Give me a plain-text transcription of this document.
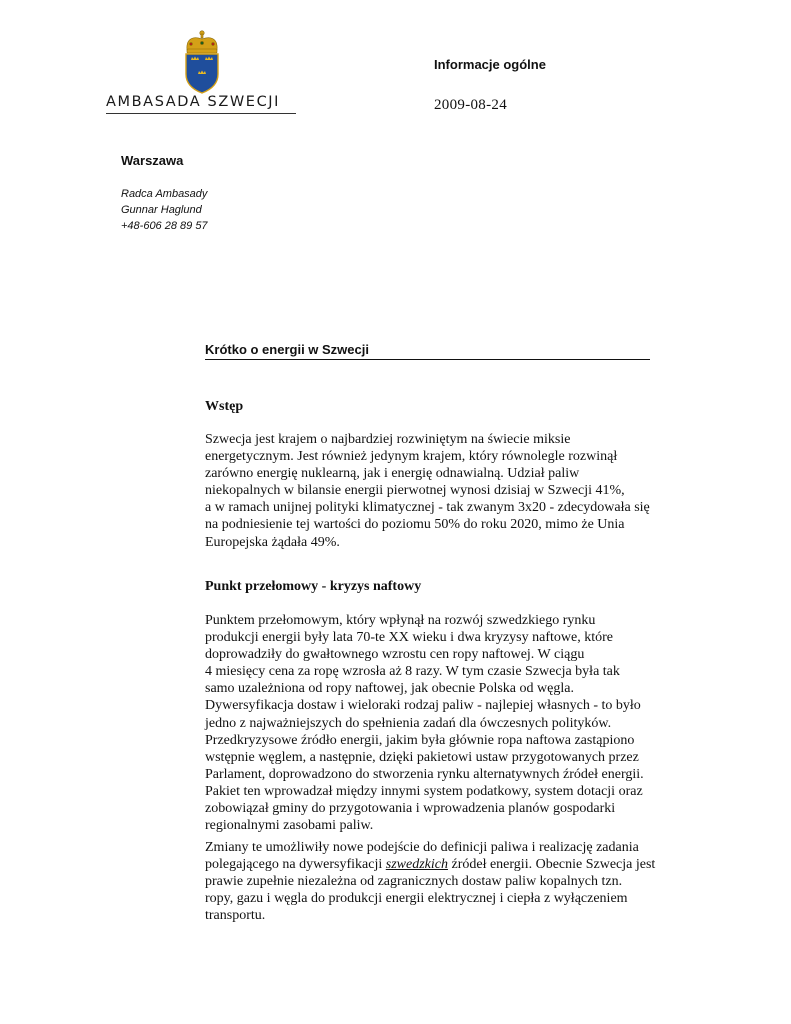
AMBASADA SZWECJI
Informacje ogólne
2009-08-24
Warszawa
Radca Ambasady
Gunnar Haglund
+48-606 28 89 57
Krótko o energii w Szwecji
Wstęp
Szwecja jest krajem o najbardziej rozwiniętym na świecie miksie
energetycznym. Jest również jedynym krajem, który równolegle rozwinął
zarówno energię nuklearną, jak i energię odnawialną. Udział paliw
niekopalnych w bilansie energii pierwotnej wynosi dzisiaj w Szwecji 41%,
a w ramach unijnej polityki klimatycznej - tak zwanym 3x20 - zdecydowała się
na podniesienie tej wartości do poziomu 50% do roku 2020, mimo że Unia
Europejska żądała 49%.
Punkt przełomowy - kryzys naftowy
Punktem przełomowym, który wpłynął na rozwój szwedzkiego rynku
produkcji energii były lata 70-te XX wieku i dwa kryzysy naftowe, które
doprowadziły do gwałtownego wzrostu cen ropy naftowej. W ciągu
4 miesięcy cena za ropę wzrosła aż 8 razy. W tym czasie Szwecja była tak
samo uzależniona od ropy naftowej, jak obecnie Polska od węgla.
Dywersyfikacja dostaw i wieloraki rodzaj paliw - najlepiej własnych - to było
jedno z najważniejszych do spełnienia zadań dla ówczesnych polityków.
Przedkryzysowe źródło energii, jakim była głównie ropa naftowa zastąpiono
wstępnie węglem, a następnie, dzięki pakietowi ustaw przygotowanych przez
Parlament, doprowadzono do stworzenia rynku alternatywnych źródeł energii.
Pakiet ten wprowadzał między innymi system podatkowy, system dotacji oraz
zobowiązał gminy do przygotowania i wprowadzenia planów gospodarki
regionalnymi zasobami paliw.
Zmiany te umożliwiły nowe podejście do definicji paliwa i realizację zadania
polegającego na dywersyfikacji szwedzkich źródeł energii. Obecnie Szwecja jest
prawie zupełnie niezależna od zagranicznych dostaw paliw kopalnych tzn.
ropy, gazu i węgla do produkcji energii elektrycznej i ciepła z wyłączeniem
transportu.
